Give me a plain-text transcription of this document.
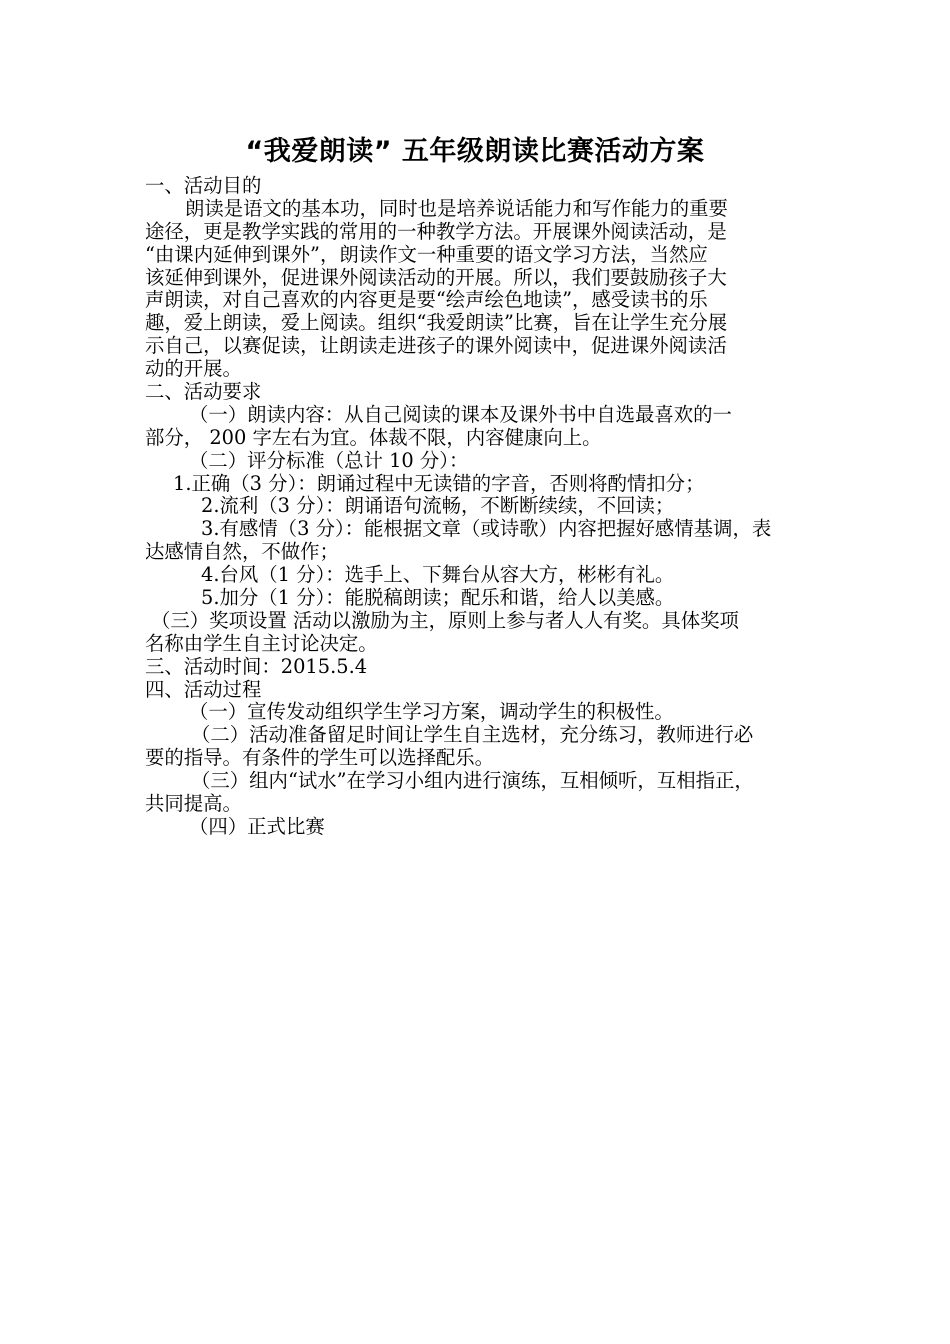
“我爱朗读” 五年级朗读比赛活动方案
一、活动目的
朗读是语文的基本功，同时也是培养说话能力和写作能力的重要
途径，更是教学实践的常用的一种教学方法。开展课外阅读活动，是
“由课内延伸到课外”，朗读作文一种重要的语文学习方法，当然应
该延伸到课外，促进课外阅读活动的开展。所以，我们要鼓励孩子大
声朗读，对自己喜欢的内容更是要“绘声绘色地读”，感受读书的乐
趣，爱上朗读，爱上阅读。组织“我爱朗读”比赛，旨在让学生充分展
示自己，以赛促读，让朗读走进孩子的课外阅读中，促进课外阅读活
动的开展。
二、活动要求
（一）朗读内容：从自己阅读的课本及课外书中自选最喜欢的一
部分， 200 字左右为宜。体裁不限，内容健康向上。
（二）评分标准（总计 10 分）：
1.正确（3 分）：朗诵过程中无读错的字音，否则将酌情扣分；
2.流利（3 分）：朗诵语句流畅，不断断续续，不回读；
3.有感情（3 分）：能根据文章（或诗歌）内容把握好感情基调，表
达感情自然，不做作；
4.台风（1 分）：选手上、下舞台从容大方，彬彬有礼。
5.加分（1 分）：能脱稿朗读；配乐和谐，给人以美感。
（三）奖项设置 活动以激励为主，原则上参与者人人有奖。具体奖项
名称由学生自主讨论决定。
三、活动时间：2015.5.4
四、活动过程
（一）宣传发动组织学生学习方案，调动学生的积极性。
（二）活动准备留足时间让学生自主选材，充分练习，教师进行必
要的指导。有条件的学生可以选择配乐。
（三）组内“试水”在学习小组内进行演练，互相倾听，互相指正，
共同提高。
（四）正式比赛
